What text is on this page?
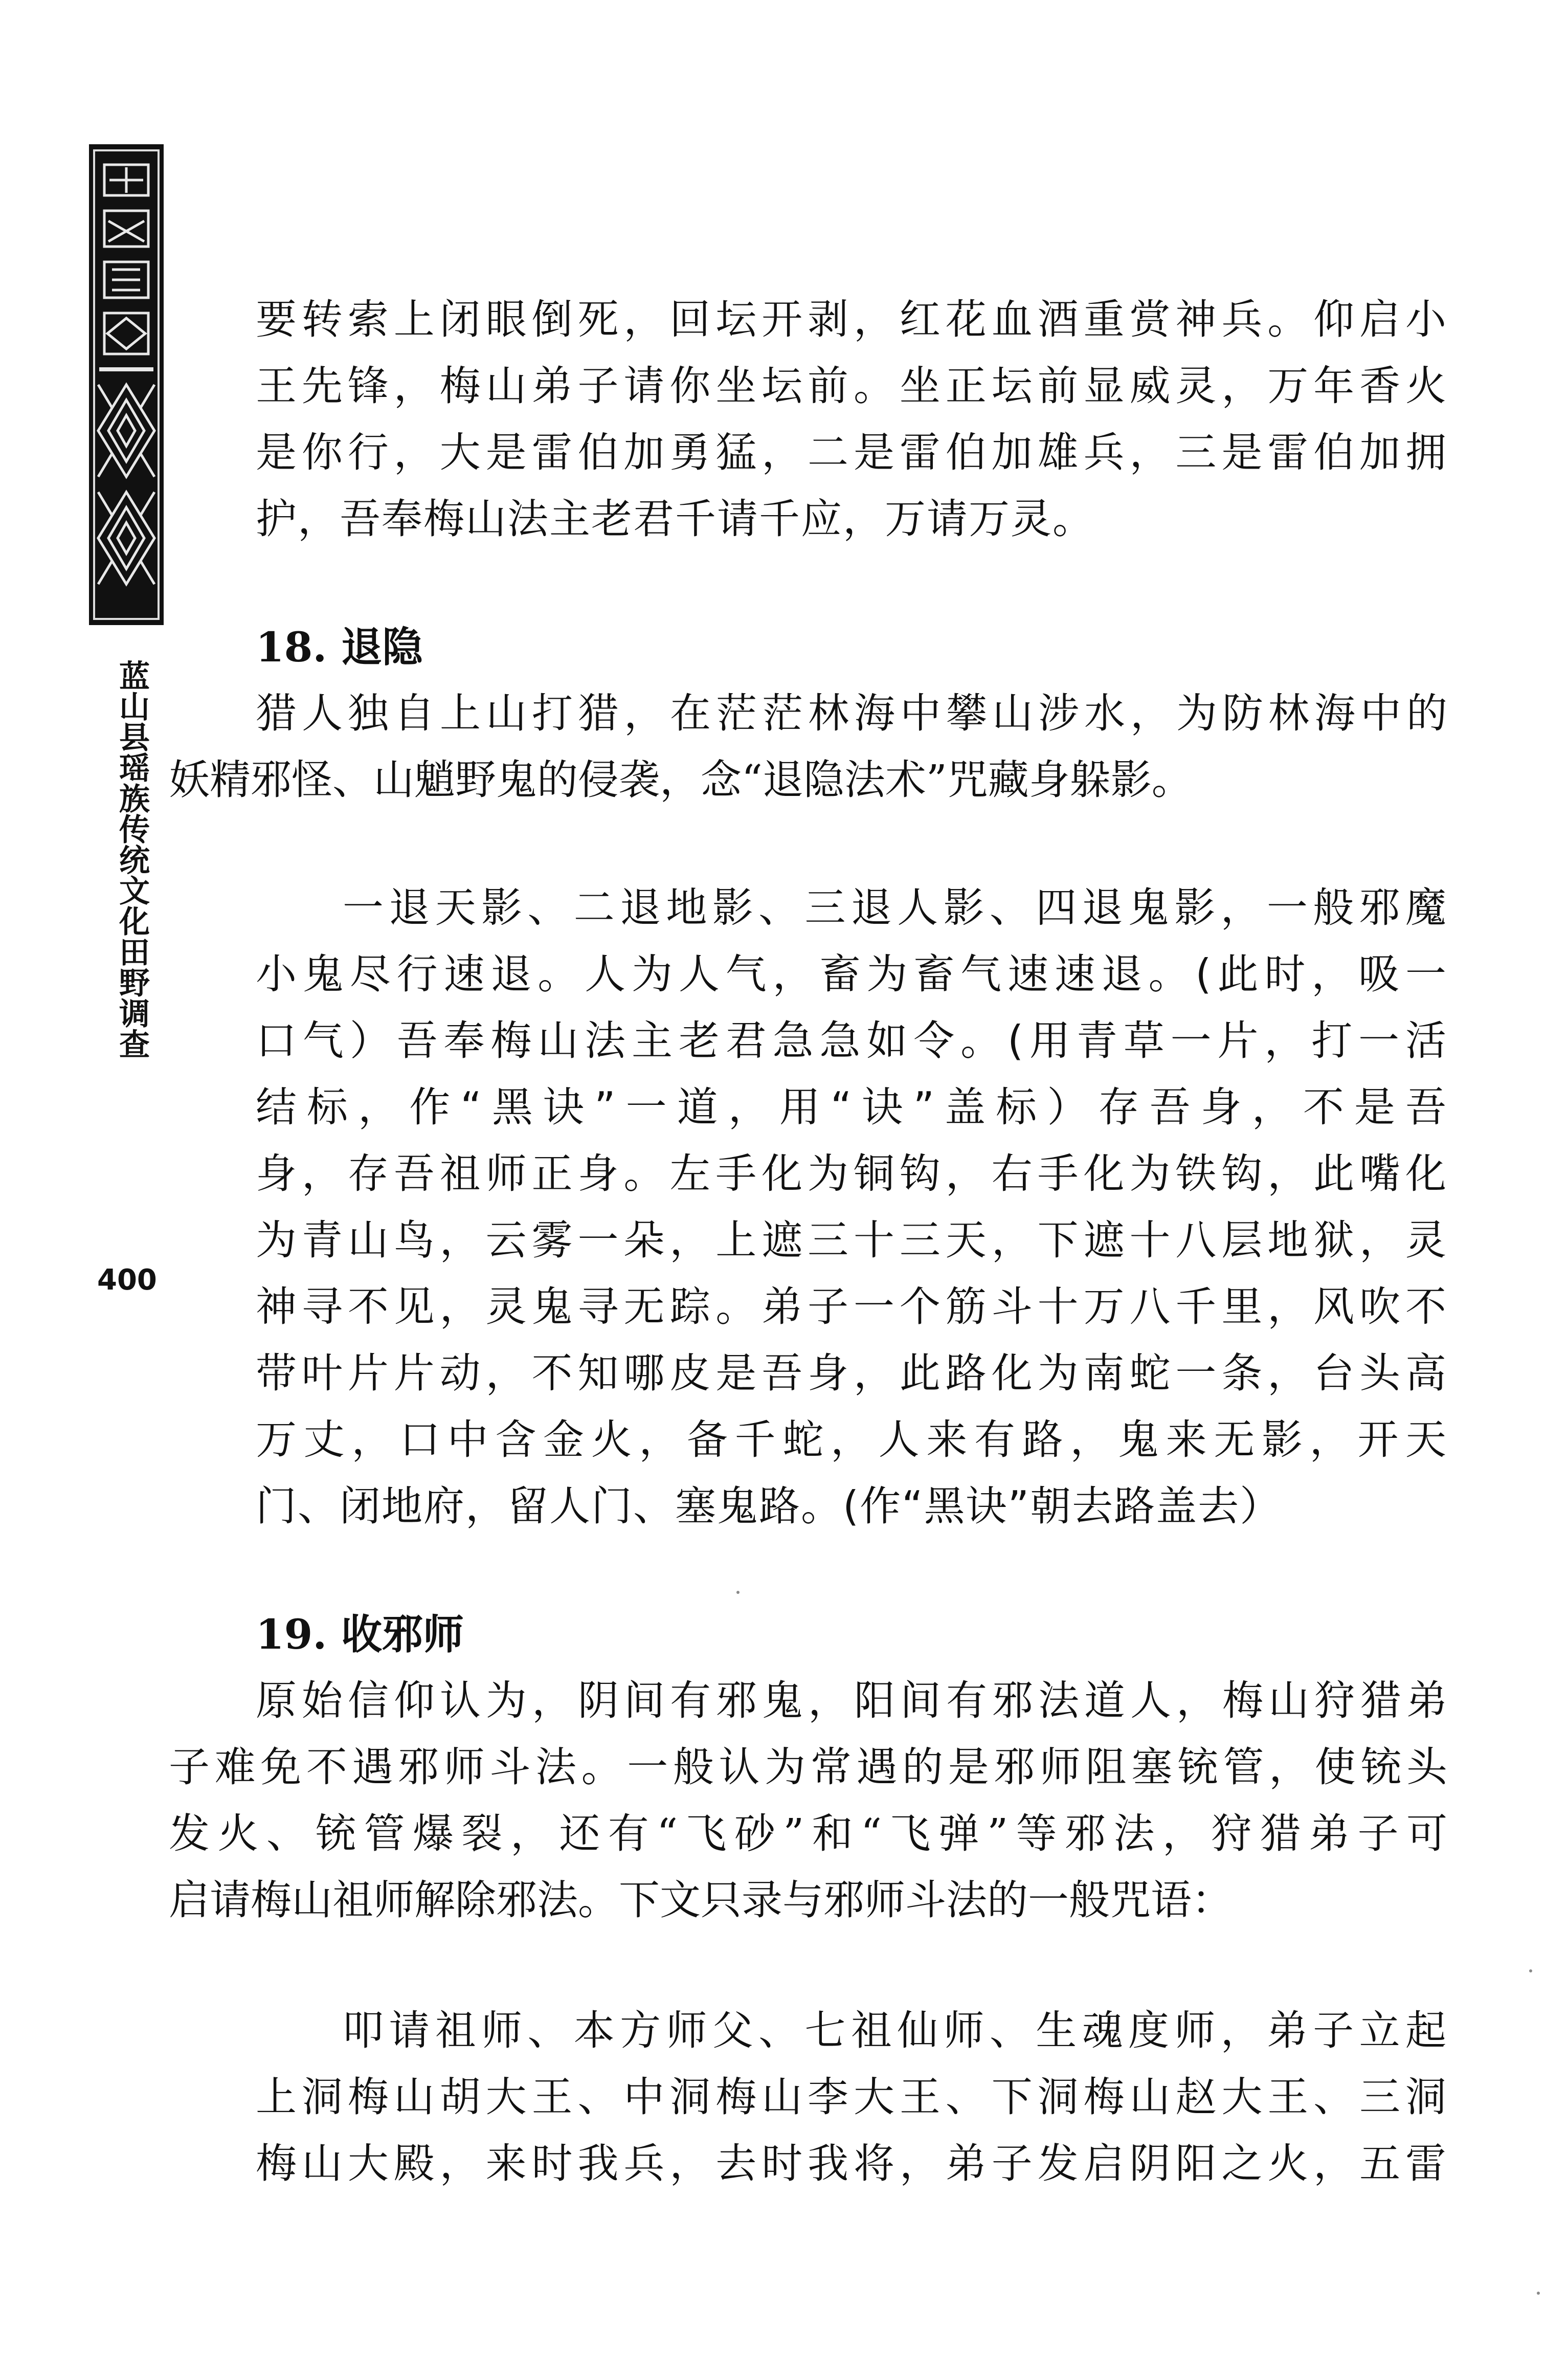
蓝山县瑶族传统文化田野调查
400
要转索上闭眼倒死，回坛开剥，红花血酒重赏神兵。仰启小
王先锋，梅山弟子请你坐坛前。坐正坛前显威灵，万年香火
是你行，大是雷伯加勇猛，二是雷伯加雄兵，三是雷伯加拥
护，吾奉梅山法主老君千请千应，万请万灵。
18. 退隐
猎人独自上山打猎，在茫茫林海中攀山涉水，为防林海中的
妖精邪怪、山魈野鬼的侵袭，念“退隐法术”咒藏身躲影。
一退天影、二退地影、三退人影、四退鬼影，一般邪魔
小鬼尽行速退。人为人气，畜为畜气速速退。(此时，吸一
口气）吾奉梅山法主老君急急如令。(用青草一片，打一活
结标，作“黑诀”一道，用“诀”盖标）存吾身，不是吾
身，存吾祖师正身。左手化为铜钩，右手化为铁钩，此嘴化
为青山鸟，云雾一朵，上遮三十三天，下遮十八层地狱，灵
神寻不见，灵鬼寻无踪。弟子一个筋斗十万八千里，风吹不
带叶片片动，不知哪皮是吾身，此路化为南蛇一条，台头高
万丈，口中含金火，备千蛇，人来有路，鬼来无影，开天
门、闭地府，留人门、塞鬼路。(作“黑诀”朝去路盖去）
19. 收邪师
原始信仰认为，阴间有邪鬼，阳间有邪法道人，梅山狩猎弟
子难免不遇邪师斗法。一般认为常遇的是邪师阻塞铳管，使铳头
发火、铳管爆裂，还有“飞砂”和“飞弹”等邪法，狩猎弟子可
启请梅山祖师解除邪法。下文只录与邪师斗法的一般咒语：
叩请祖师、本方师父、七祖仙师、生魂度师，弟子立起
上洞梅山胡大王、中洞梅山李大王、下洞梅山赵大王、三洞
梅山大殿，来时我兵，去时我将，弟子发启阴阳之火，五雷
